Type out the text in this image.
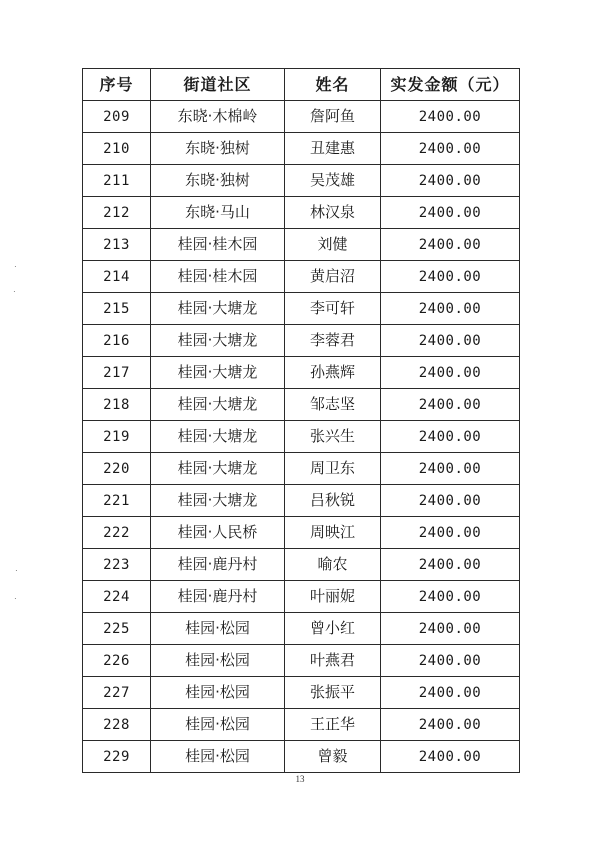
·
·
·
·
序号	街道社区	姓名	实发金额（元）
209	东晓·木棉岭	詹阿鱼	2400.00
210	东晓·独树	丑建惠	2400.00
211	东晓·独树	吴茂雄	2400.00
212	东晓·马山	林汉泉	2400.00
213	桂园·桂木园	刘健	2400.00
214	桂园·桂木园	黄启沼	2400.00
215	桂园·大塘龙	李可轩	2400.00
216	桂园·大塘龙	李蓉君	2400.00
217	桂园·大塘龙	孙燕辉	2400.00
218	桂园·大塘龙	邹志坚	2400.00
219	桂园·大塘龙	张兴生	2400.00
220	桂园·大塘龙	周卫东	2400.00
221	桂园·大塘龙	吕秋锐	2400.00
222	桂园·人民桥	周映江	2400.00
223	桂园·鹿丹村	喻农	2400.00
224	桂园·鹿丹村	叶丽妮	2400.00
225	桂园·松园	曾小红	2400.00
226	桂园·松园	叶燕君	2400.00
227	桂园·松园	张振平	2400.00
228	桂园·松园	王正华	2400.00
229	桂园·松园	曾毅	2400.00
13
